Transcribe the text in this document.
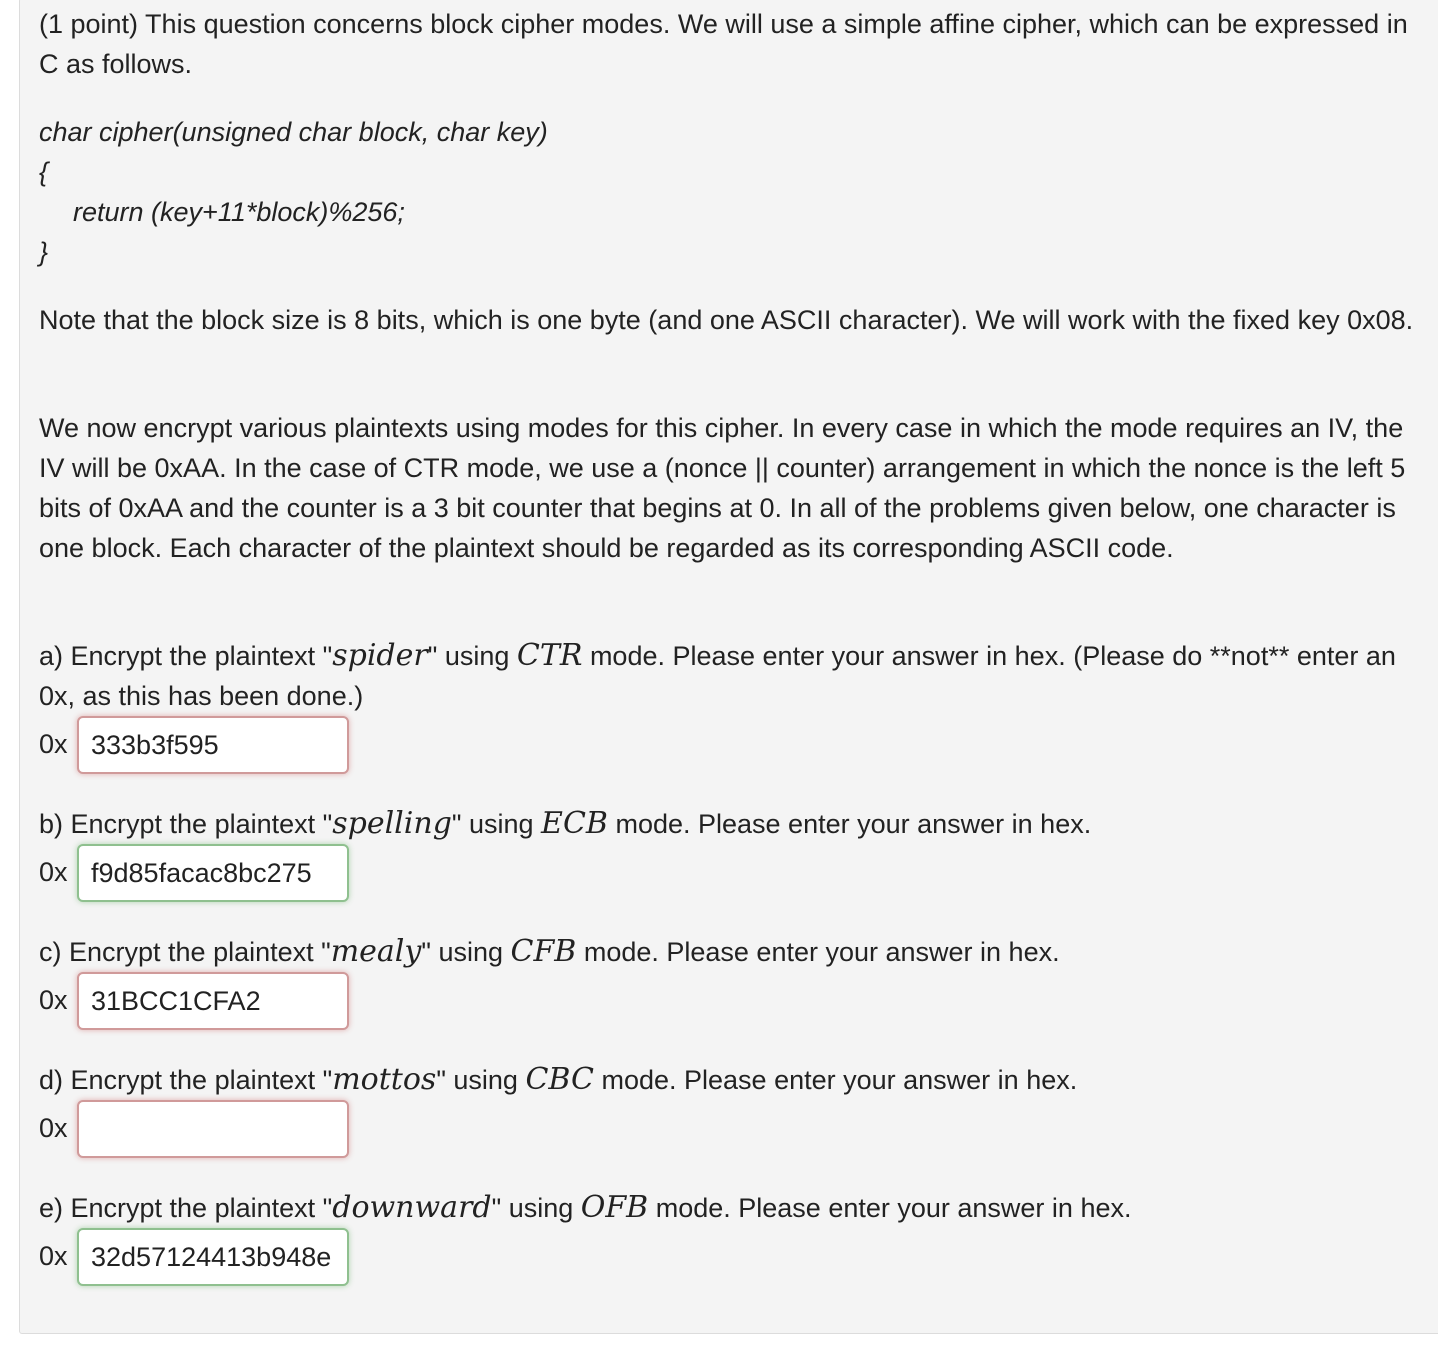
(1 point) This question concerns block cipher modes. We will use a simple affine cipher, which can be expressed in C as follows.

char cipher(unsigned char block, char key)
{
return (key+11*block)%256;
}

Note that the block size is 8 bits, which is one byte (and one ASCII character). We will work with the fixed key 0x08.

We now encrypt various plaintexts using modes for this cipher. In every case in which the mode requires an IV, the IV will be 0xAA. In the case of CTR mode, we use a (nonce || counter) arrangement in which the nonce is the left 5 bits of 0xAA and the counter is a 3 bit counter that begins at 0. In all of the problems given below, one character is one block. Each character of the plaintext should be regarded as its corresponding ASCII code.

a) Encrypt the plaintext "spider" using CTR mode. Please enter your answer in hex. (Please do **not** enter an 0x, as this has been done.)

0x
333b3f595

b) Encrypt the plaintext "spelling" using ECB mode. Please enter your answer in hex.

0x
f9d85facac8bc275

c) Encrypt the plaintext "mealy" using CFB mode. Please enter your answer in hex.

0x
31BCC1CFA2

d) Encrypt the plaintext "mottos" using CBC mode. Please enter your answer in hex.

0x

e) Encrypt the plaintext "downward" using OFB mode. Please enter your answer in hex.

0x
32d57124413b948e
